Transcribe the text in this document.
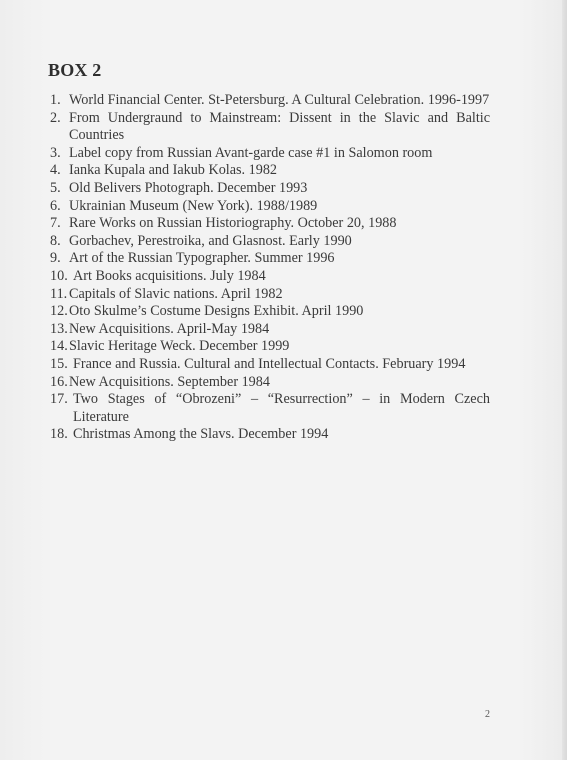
BOX 2
1. World Financial Center. St-Petersburg. A Cultural Celebration. 1996-1997
2. From Undergraund to Mainstream: Dissent in the Slavic and Baltic Countries
3. Label copy from Russian Avant-garde case #1 in Salomon room
4. Ianka Kupala and Iakub Kolas. 1982
5. Old Belivers Photograph. December 1993
6. Ukrainian Museum (New York). 1988/1989
7. Rare Works on Russian Historiography. October 20, 1988
8. Gorbachev, Perestroika, and Glasnost. Early 1990
9. Art of the Russian Typographer. Summer 1996
10. Art Books acquisitions. July 1984
11. Capitals of Slavic nations. April 1982
12. Oto Skulme’s Costume Designs Exhibit. April 1990
13. New Acquisitions. April-May 1984
14. Slavic Heritage Weck. December 1999
15. France and Russia. Cultural and Intellectual Contacts. February 1994
16. New Acquisitions. September 1984
17. Two Stages of “Obrozeni” – “Resurrection” – in Modern Czech Literature
18. Christmas Among the Slavs. December 1994
2
